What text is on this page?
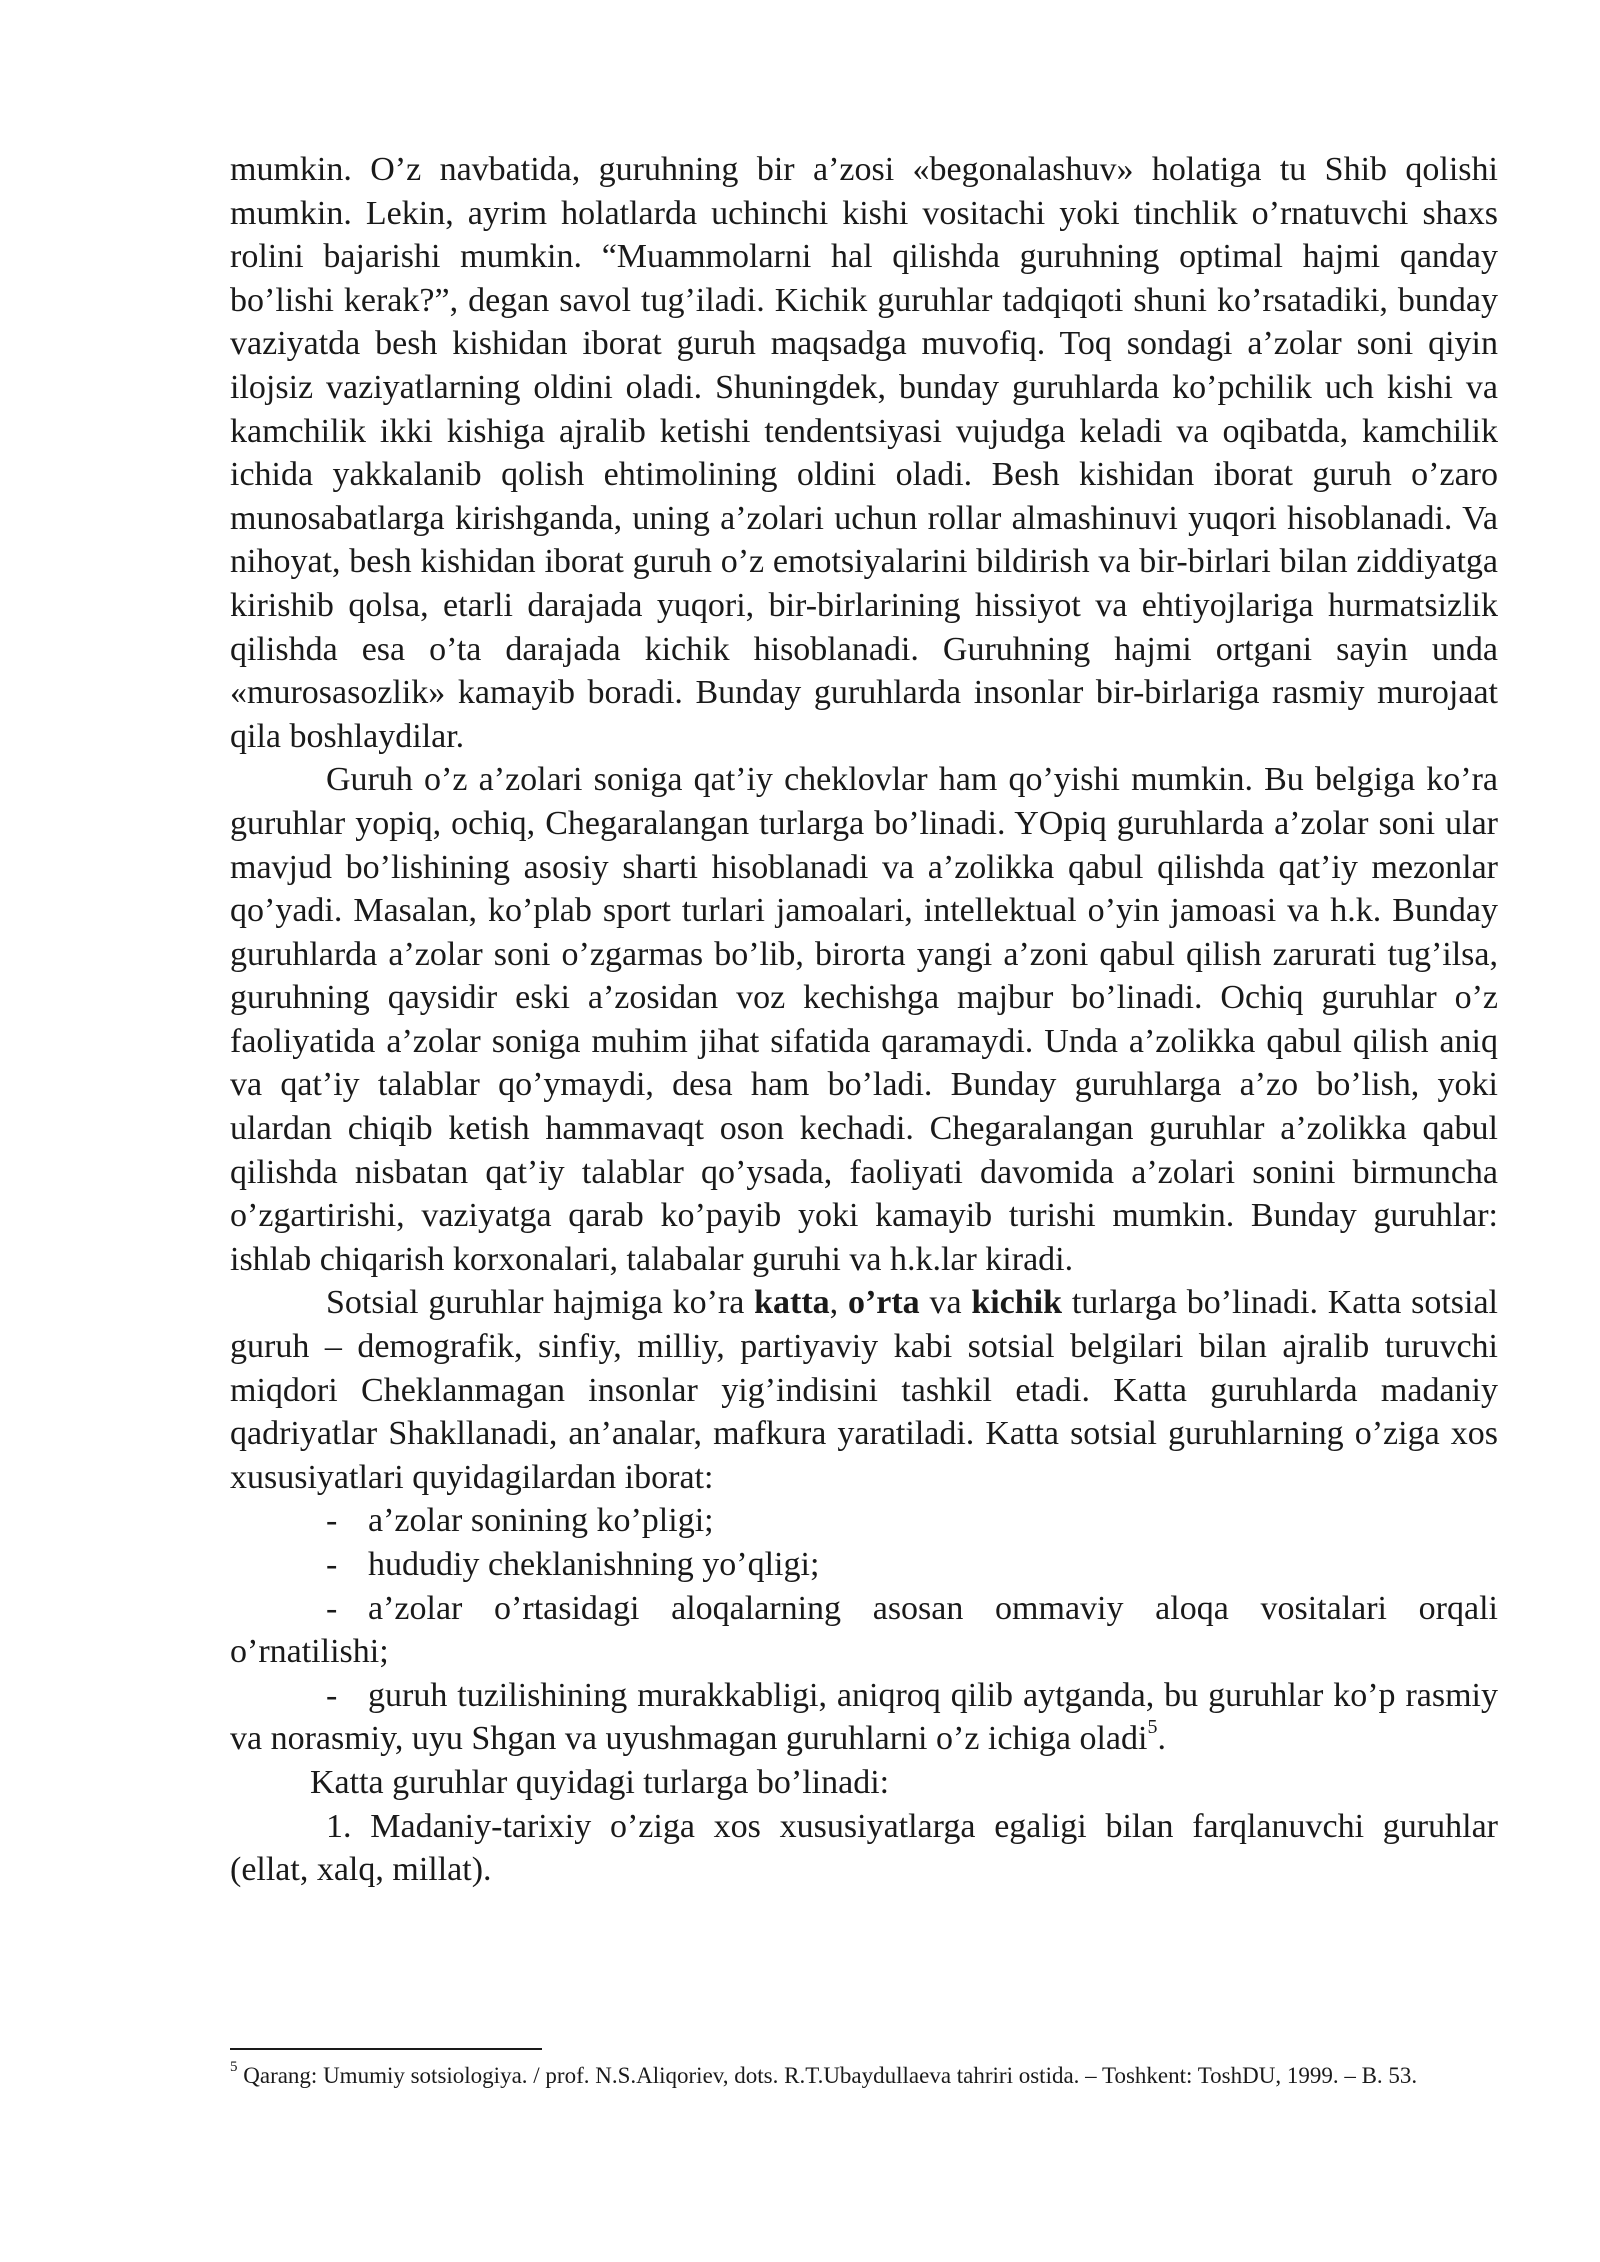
mumkin. O’z navbatida, guruhning bir a’zosi «begonalashuv» holatiga tu Shib qolishi mumkin. Lekin, ayrim holatlarda uchinchi kishi vositachi yoki tinchlik o’rnatuvchi shaxs rolini bajarishi mumkin. “Muammolarni hal qilishda guruhning optimal hajmi qanday bo’lishi kerak?”, degan savol tug’iladi. Kichik guruhlar tadqiqoti shuni ko’rsatadiki, bunday vaziyatda besh kishidan iborat guruh maqsadga muvofiq. Toq sondagi a’zolar soni qiyin ilojsiz vaziyatlarning oldini oladi. Shuningdek, bunday guruhlarda ko’pchilik uch kishi va kamchilik ikki kishiga ajralib ketishi tendentsiyasi vujudga keladi va oqibatda, kamchilik ichida yakkalanib qolish ehtimolining oldini oladi. Besh kishidan iborat guruh o’zaro munosabatlarga kirishganda, uning a’zolari uchun rollar almashinuvi yuqori hisoblanadi. Va nihoyat, besh kishidan iborat guruh o’z emotsiyalarini bildirish va bir-birlari bilan ziddiyatga kirishib qolsa, etarli darajada yuqori, bir-birlarining hissiyot va ehtiyojlariga hurmatsizlik qilishda esa o’ta darajada kichik hisoblanadi. Guruhning hajmi ortgani sayin unda «murosasozlik» kamayib boradi. Bunday guruhlarda insonlar bir-birlariga rasmiy murojaat qila boshlaydilar.

Guruh o’z a’zolari soniga qat’iy cheklovlar ham qo’yishi mumkin. Bu belgiga ko’ra guruhlar yopiq, ochiq, Chegaralangan turlarga bo’linadi. YOpiq guruhlarda a’zolar soni ular mavjud bo’lishining asosiy sharti hisoblanadi va a’zolikka qabul qilishda qat’iy mezonlar qo’yadi. Masalan, ko’plab sport turlari jamoalari, intellektual o’yin jamoasi va h.k. Bunday guruhlarda a’zolar soni o’zgarmas bo’lib, birorta yangi a’zoni qabul qilish zarurati tug’ilsa, guruhning qaysidir eski a’zosidan voz kechishga majbur bo’linadi. Ochiq guruhlar o’z faoliyatida a’zolar soniga muhim jihat sifatida qaramaydi. Unda a’zolikka qabul qilish aniq va qat’iy talablar qo’ymaydi, desa ham bo’ladi. Bunday guruhlarga a’zo bo’lish, yoki ulardan chiqib ketish hammavaqt oson kechadi. Chegaralangan guruhlar a’zolikka qabul qilishda nisbatan qat’iy talablar qo’ysada, faoliyati davomida a’zolari sonini birmuncha o’zgartirishi, vaziyatga qarab ko’payib yoki kamayib turishi mumkin. Bunday guruhlar: ishlab chiqarish korxonalari, talabalar guruhi va h.k.lar kiradi.

Sotsial guruhlar hajmiga ko’ra katta, o’rta va kichik turlarga bo’linadi. Katta sotsial guruh – demografik, sinfiy, milliy, partiyaviy kabi sotsial belgilari bilan ajralib turuvchi miqdori Cheklanmagan insonlar yig’indisini tashkil etadi. Katta guruhlarda madaniy qadriyatlar Shakllanadi, an’analar, mafkura yaratiladi. Katta sotsial guruhlarning o’ziga xos xususiyatlari quyidagilardan iborat:

- a’zolar sonining ko’pligi;

- hududiy cheklanishning yo’qligi;

- a’zolar o’rtasidagi aloqalarning asosan ommaviy aloqa vositalari orqali o’rnatilishi;

- guruh tuzilishining murakkabligi, aniqroq qilib aytganda, bu guruhlar ko’p rasmiy va norasmiy, uyu Shgan va uyushmagan guruhlarni o’z ichiga oladi$^5$.

Katta guruhlar quyidagi turlarga bo’linadi:

1. Madaniy-tarixiy o’ziga xos xususiyatlarga egaligi bilan farqlanuvchi guruhlar (ellat, xalq, millat).

$^5$ Qarang: Umumiy sotsiologiya. / prof. N.S.Aliqoriev, dots. R.T.Ubaydullaeva tahriri ostida. – Toshkent: ToshDU, 1999. – B. 53.
